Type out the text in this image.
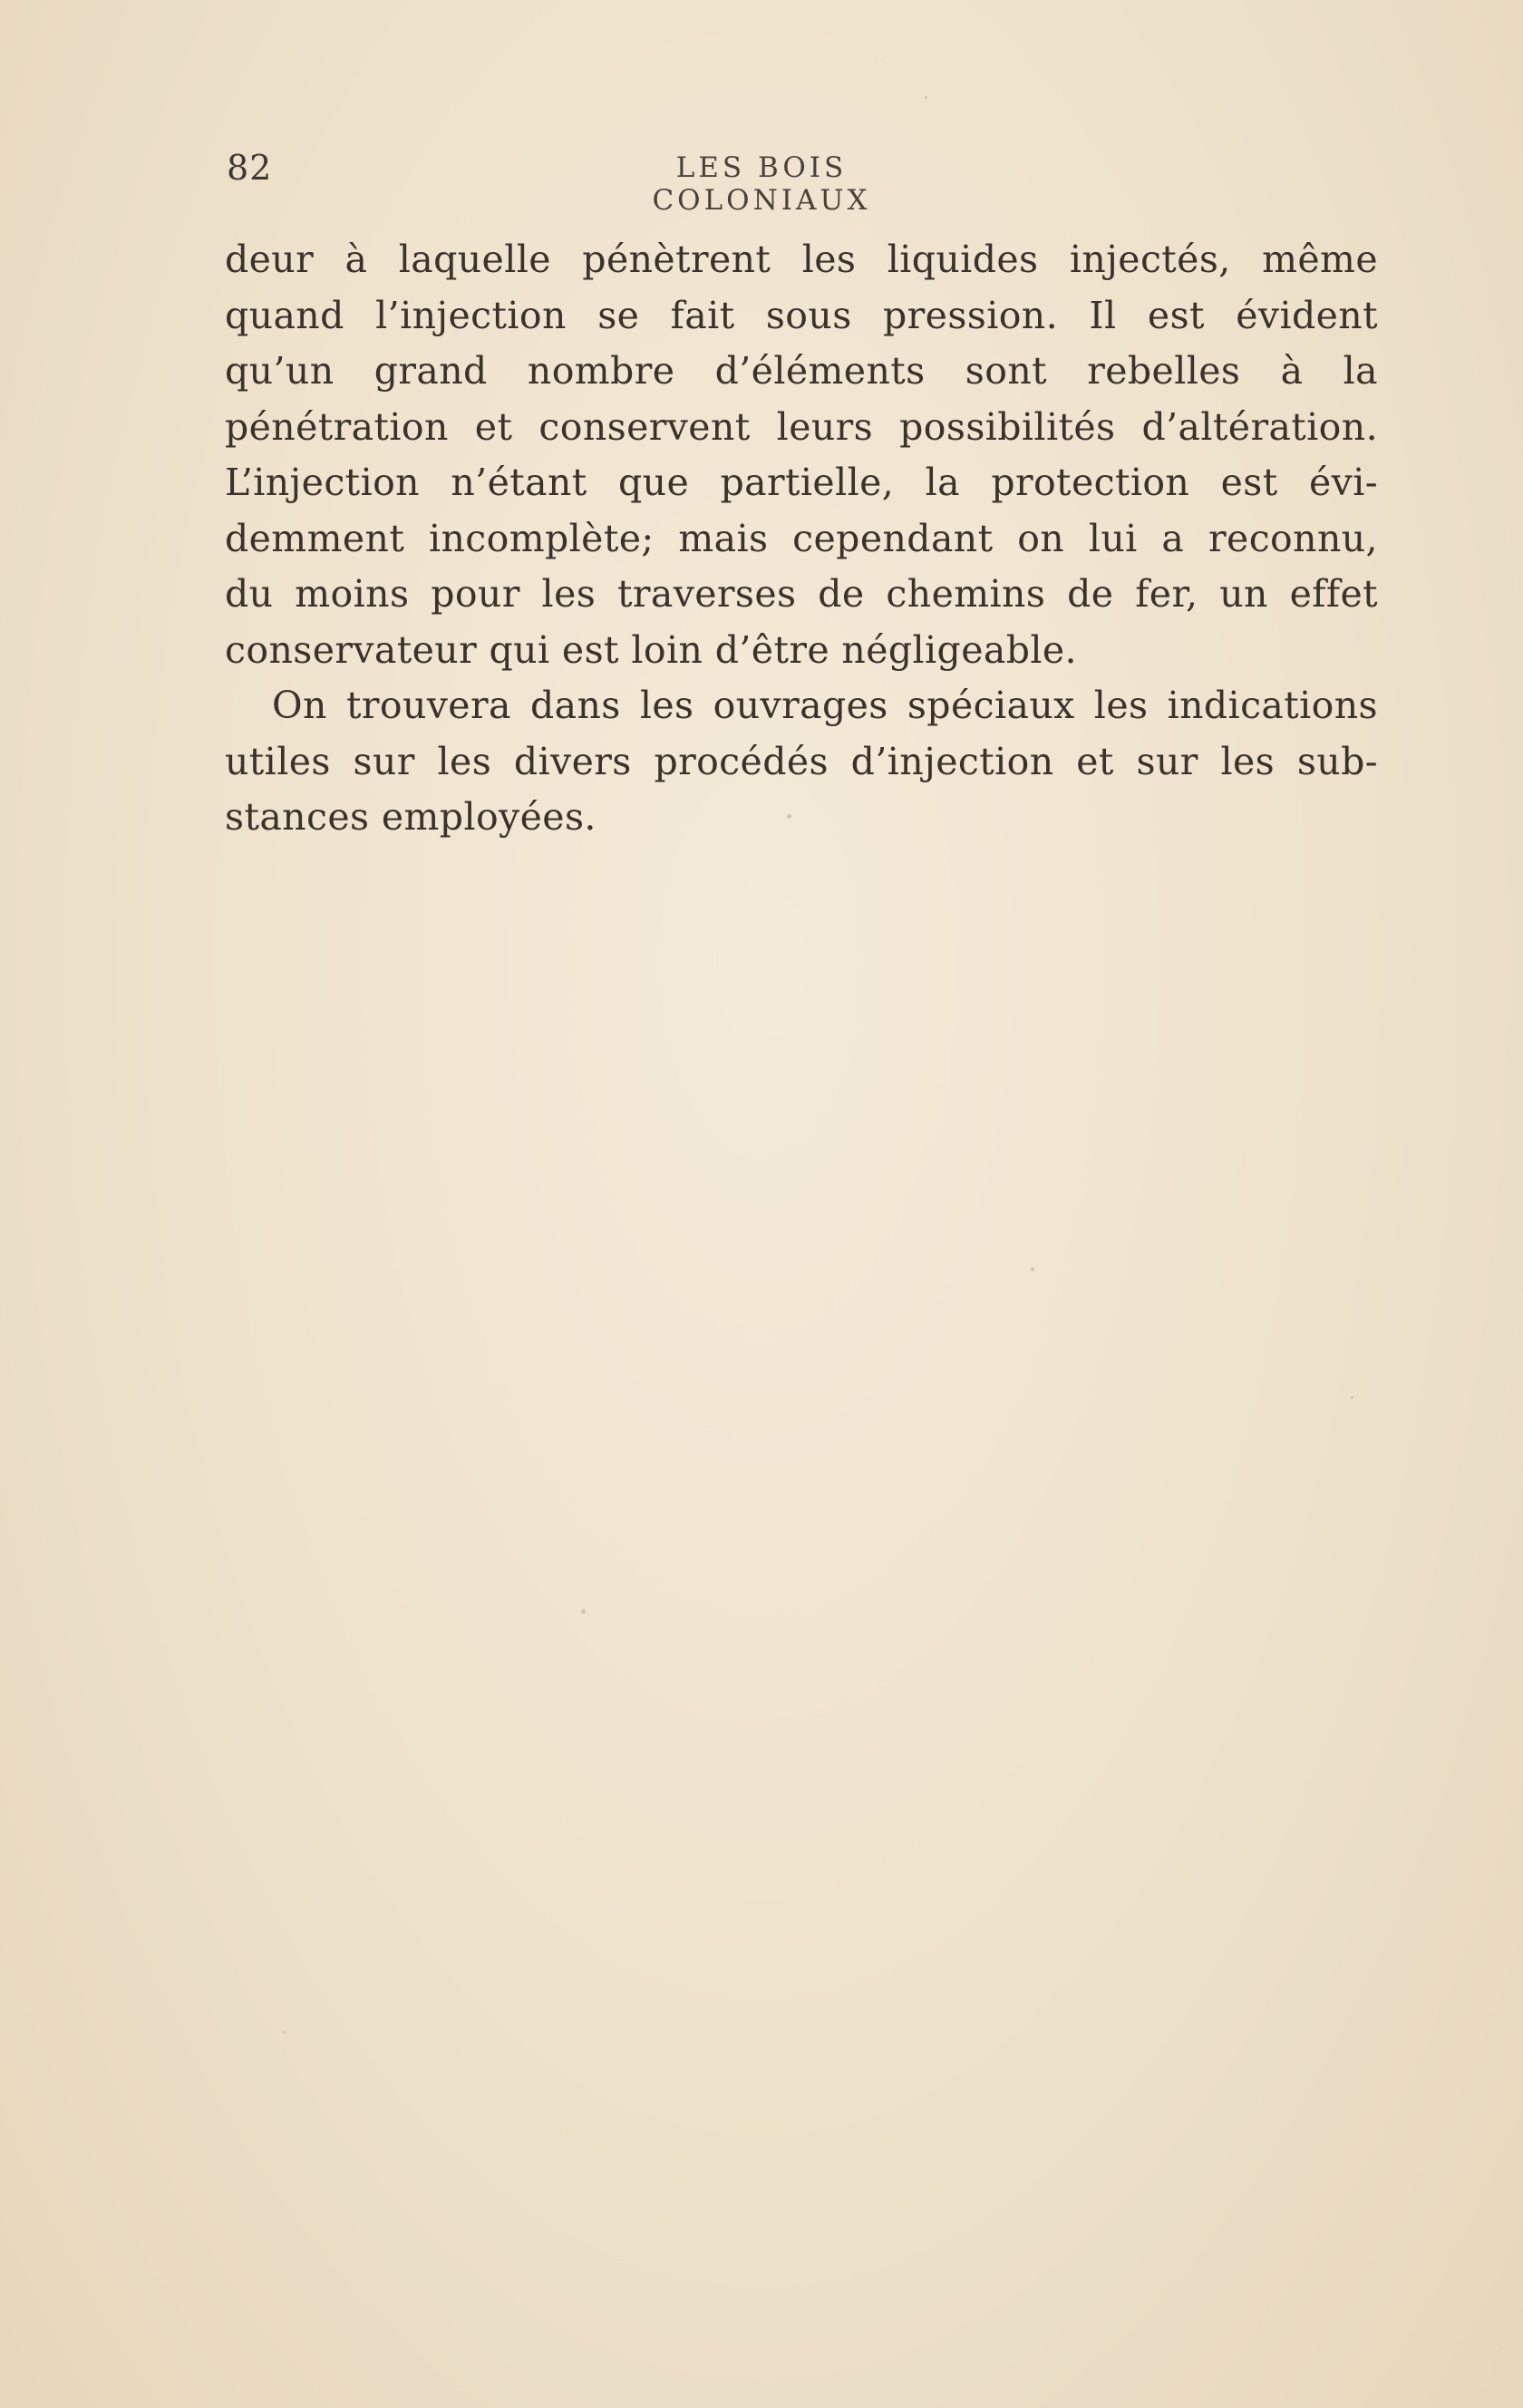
82	LES BOIS COLONIAUX
deur à laquelle pénètrent les liquides injectés, même
quand l’injection se fait sous pression. Il est évident
qu’un grand nombre d’éléments sont rebelles à la
pénétration et conservent leurs possibilités d’altération.
L’injection n’étant que partielle, la protection est évi-
demment incomplète; mais cependant on lui a reconnu,
du moins pour les traverses de chemins de fer, un effet
conservateur qui est loin d’être négligeable.
On trouvera dans les ouvrages spéciaux les indications
utiles sur les divers procédés d’injection et sur les sub-
stances employées.
